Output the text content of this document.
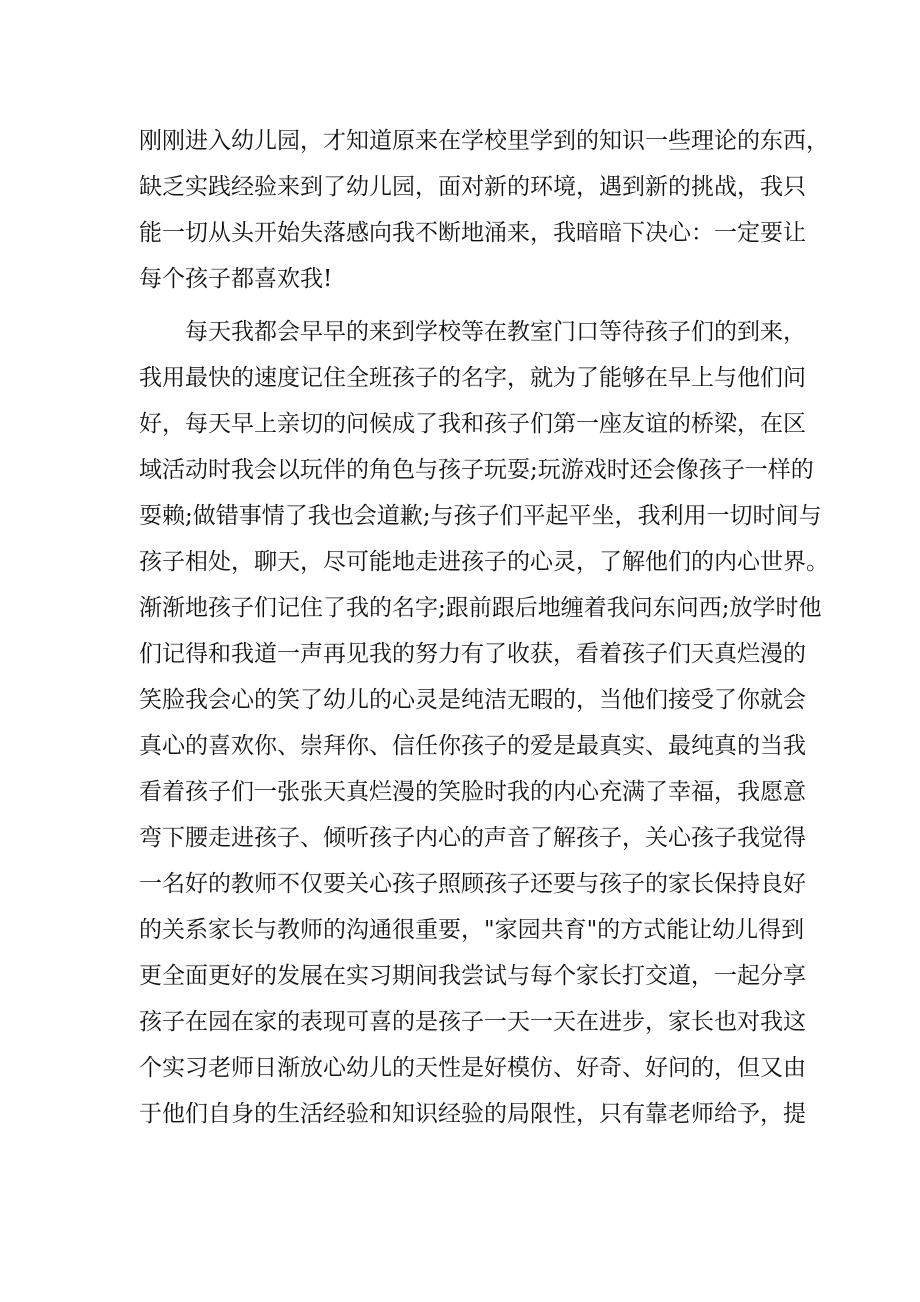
刚刚进入幼儿园，才知道原来在学校里学到的知识一些理论的东西，

缺乏实践经验来到了幼儿园，面对新的环境，遇到新的挑战，我只

能一切从头开始失落感向我不断地涌来，我暗暗下决心：一定要让

每个孩子都喜欢我!

每天我都会早早的来到学校等在教室门口等待孩子们的到来，

我用最快的速度记住全班孩子的名字，就为了能够在早上与他们问

好，每天早上亲切的问候成了我和孩子们第一座友谊的桥梁，在区

域活动时我会以玩伴的角色与孩子玩耍;玩游戏时还会像孩子一样的

耍赖;做错事情了我也会道歉;与孩子们平起平坐，我利用一切时间与

孩子相处，聊天，尽可能地走进孩子的心灵，了解他们的内心世界。

渐渐地孩子们记住了我的名字;跟前跟后地缠着我问东问西;放学时他

们记得和我道一声再见我的努力有了收获，看着孩子们天真烂漫的

笑脸我会心的笑了幼儿的心灵是纯洁无暇的，当他们接受了你就会

真心的喜欢你、崇拜你、信任你孩子的爱是最真实、最纯真的当我

看着孩子们一张张天真烂漫的笑脸时我的内心充满了幸福，我愿意

弯下腰走进孩子、倾听孩子内心的声音了解孩子，关心孩子我觉得

一名好的教师不仅要关心孩子照顾孩子还要与孩子的家长保持良好

的关系家长与教师的沟通很重要，"家园共育"的方式能让幼儿得到

更全面更好的发展在实习期间我尝试与每个家长打交道，一起分享

孩子在园在家的表现可喜的是孩子一天一天在进步，家长也对我这

个实习老师日渐放心幼儿的天性是好模仿、好奇、好问的，但又由

于他们自身的生活经验和知识经验的局限性，只有靠老师给予，提
